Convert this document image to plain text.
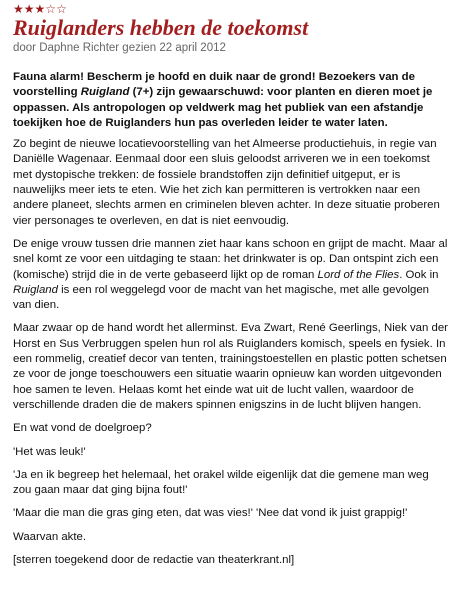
★★★☆☆
Ruiglanders hebben de toekomst
door Daphne Richter gezien 22 april 2012

Fauna alarm! Bescherm je hoofd en duik naar de grond! Bezoekers van de voorstelling Ruigland (7+) zijn gewaarschuwd: voor planten en dieren moet je oppassen. Als antropologen op veldwerk mag het publiek van een afstandje toekijken hoe de Ruiglanders hun pas overleden leider te water laten.

Zo begint de nieuwe locatievoorstelling van het Almeerse productiehuis, in regie van Daniëlle Wagenaar. Eenmaal door een sluis geloodst arriveren we in een toekomst met dystopische trekken: de fossiele brandstoffen zijn definitief uitgeput, er is nauwelijks meer iets te eten. Wie het zich kan permitteren is vertrokken naar een andere planeet, slechts armen en criminelen bleven achter. In deze situatie proberen vier personages te overleven, en dat is niet eenvoudig.

De enige vrouw tussen drie mannen ziet haar kans schoon en grijpt de macht. Maar al snel komt ze voor een uitdaging te staan: het drinkwater is op. Dan ontspint zich een (komische) strijd die in de verte gebaseerd lijkt op de roman Lord of the Flies. Ook in Ruigland is een rol weggelegd voor de macht van het magische, met alle gevolgen van dien.

Maar zwaar op de hand wordt het allerminst. Eva Zwart, René Geerlings, Niek van der Horst en Sus Verbruggen spelen hun rol als Ruiglanders komisch, speels en fysiek. In een rommelig, creatief decor van tenten, trainingstoestellen en plastic potten schetsen ze voor de jonge toeschouwers een situatie waarin opnieuw kan worden uitgevonden hoe samen te leven. Helaas komt het einde wat uit de lucht vallen, waardoor de verschillende draden die de makers spinnen enigszins in de lucht blijven hangen.

En wat vond de doelgroep?

'Het was leuk!'

'Ja en ik begreep het helemaal, het orakel wilde eigenlijk dat die gemene man weg zou gaan maar dat ging bijna fout!'

'Maar die man die gras ging eten, dat was vies!' 'Nee dat vond ik juist grappig!'

Waarvan akte.

[sterren toegekend door de redactie van theaterkrant.nl]
